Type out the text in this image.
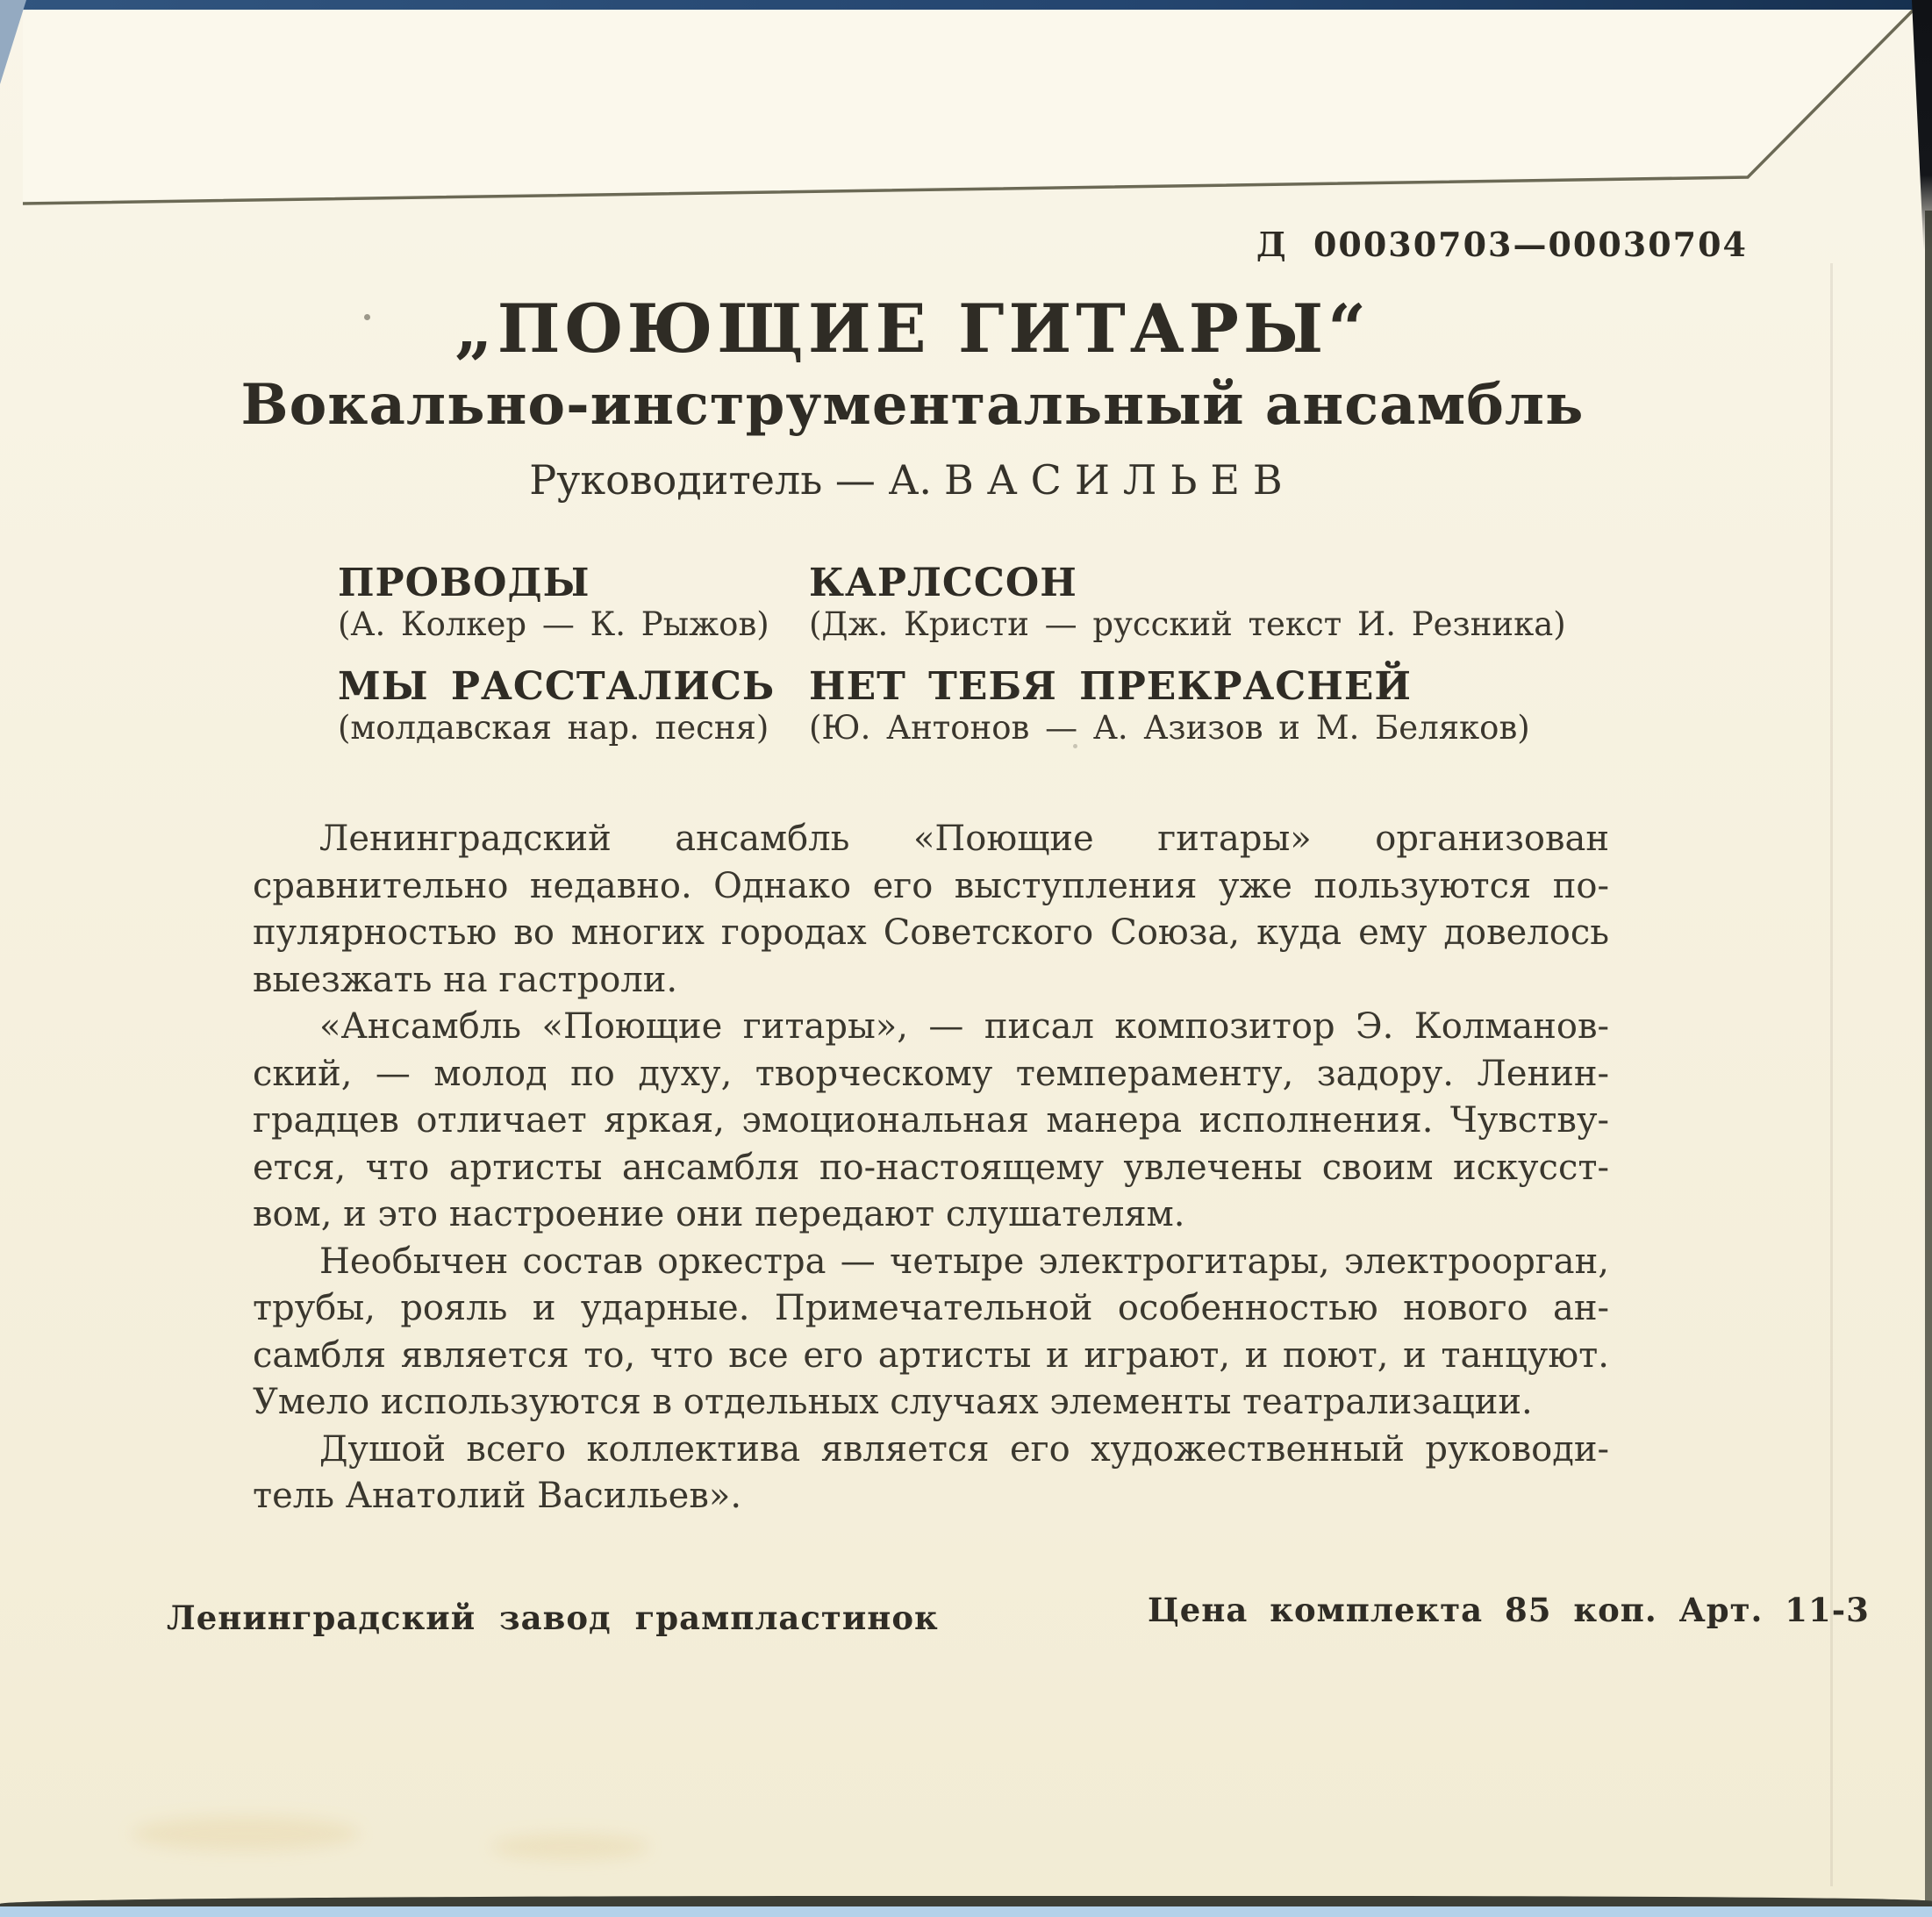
Д 00030703—00030704
„ПОЮЩИЕ ГИТАРЫ“
Вокально-инструментальный ансамбль
Руководитель — А. ВАСИЛЬЕВ
ПРОВОДЫ
(А. Колкер — К. Рыжов)
КАРЛССОН
(Дж. Кристи — русский текст И. Резника)
МЫ РАССТАЛИСЬ
(молдавская нар. песня)
НЕТ ТЕБЯ ПРЕКРАСНЕЙ
(Ю. Антонов — А. Азизов и М. Беляков)
Ленинградский ансамбль «Поющие гитары» организован
сравнительно недавно. Однако его выступления уже пользуются по-
пулярностью во многих городах Советского Союза, куда ему довелось
выезжать на гастроли.
«Ансамбль «Поющие гитары», — писал композитор Э. Колманов-
ский, — молод по духу, творческому темпераменту, задору. Ленин-
градцев отличает яркая, эмоциональная манера исполнения. Чувству-
ется, что артисты ансамбля по-настоящему увлечены своим искусст-
вом, и это настроение они передают слушателям.
Необычен состав оркестра — четыре электрогитары, электроорган,
трубы, рояль и ударные. Примечательной особенностью нового ан-
самбля является то, что все его артисты и играют, и поют, и танцуют.
Умело используются в отдельных случаях элементы театрализации.
Душой всего коллектива является его художественный руководи-
тель Анатолий Васильев».
Ленинградский завод грампластинок	Цена комплекта 85 коп. Арт. 11-3
